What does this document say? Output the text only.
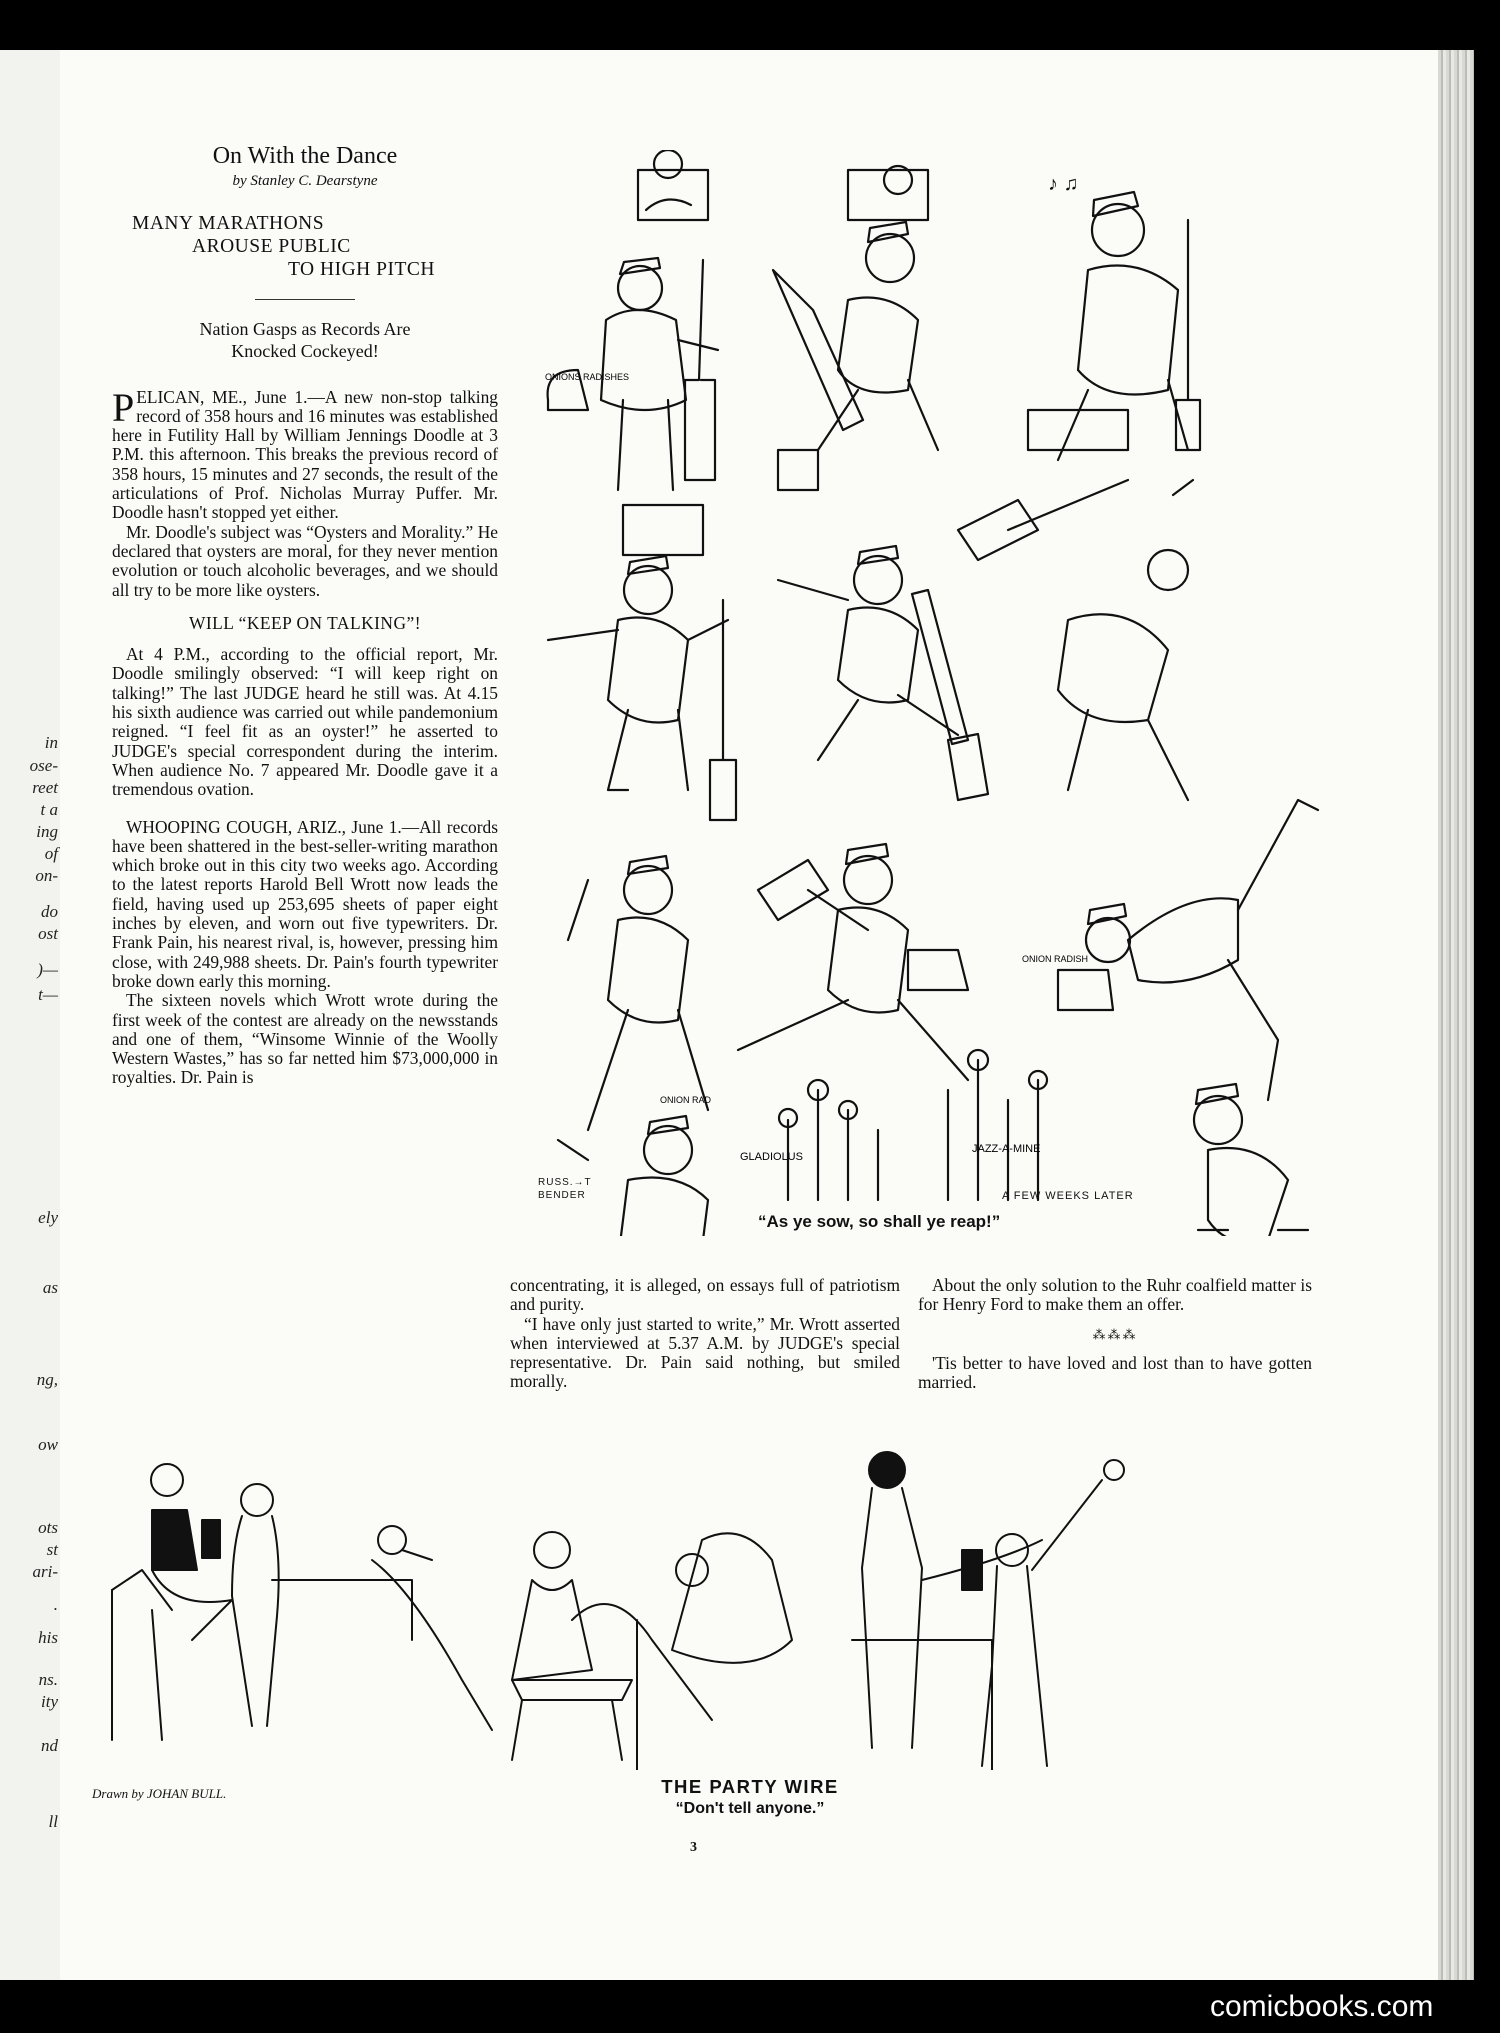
in
ose-
reet
t a
ing
of
on-
do
ost
)—
t—
ely
as
ng,
ow
ots
st
ari-
.
his
ns.
ity
nd
ll
On With the Dance
by Stanley C. Dearstyne
MANY MARATHONS
AROUSE PUBLIC
TO HIGH PITCH
Nation Gasps as Records Are
Knocked Cockeyed!

PELICAN, ME., June 1.—A new non-stop talking record of 358 hours and 16 minutes was established here in Futility Hall by William Jennings Doodle at 3 P.M. this afternoon. This breaks the previous record of 358 hours, 15 minutes and 27 seconds, the result of the articulations of Prof. Nicholas Murray Puffer. Mr. Doodle hasn't stopped yet either.

Mr. Doodle's subject was “Oysters and Morality.” He declared that oysters are moral, for they never mention evolution or touch alcoholic beverages, and we should all try to be more like oysters.

WILL “KEEP ON TALKING”!

At 4 P.M., according to the official report, Mr. Doodle smilingly observed: “I will keep right on talking!” The last JUDGE heard he still was. At 4.15 his sixth audience was carried out while pandemonium reigned. “I feel fit as an oyster!” he asserted to JUDGE's special correspondent during the interim. When audience No. 7 appeared Mr. Doodle gave it a tremendous ovation.

WHOOPING COUGH, ARIZ., June 1.—All records have been shattered in the best-seller-writing marathon which broke out in this city two weeks ago. According to the latest reports Harold Bell Wrott now leads the field, having used up 253,695 sheets of paper eight inches by eleven, and worn out five typewriters. Dr. Frank Pain, his nearest rival, is, however, pressing him close, with 249,988 sheets. Dr. Pain's fourth typewriter broke down early this morning.

The sixteen novels which Wrott wrote during the first week of the contest are already on the newsstands and one of them, “Winsome Winnie of the Woolly Western Wastes,” has so far netted him $73,000,000 in royalties. Dr. Pain is

concentrating, it is alleged, on essays full of patriotism and purity.

“I have only just started to write,” Mr. Wrott asserted when interviewed at 5.37 A.M. by JUDGE's special representative. Dr. Pain said nothing, but smiled morally.

About the only solution to the Ruhr coalfield matter is for Henry Ford to make them an offer.

⁂⁂⁂

'Tis better to have loved and lost than to have gotten married.

♪ ♫
RUSS.→T
BENDER	A FEW WEEKS LATER
“As ye sow, so shall ye reap!”
ONIONS RADISHES
ONION RADISH
ONION RAD
GLADIOLUS
JAZZ-A-MINE
Drawn by JOHAN BULL.	THE PARTY WIRE
“Don't tell anyone.”
3
comicbooks.com
